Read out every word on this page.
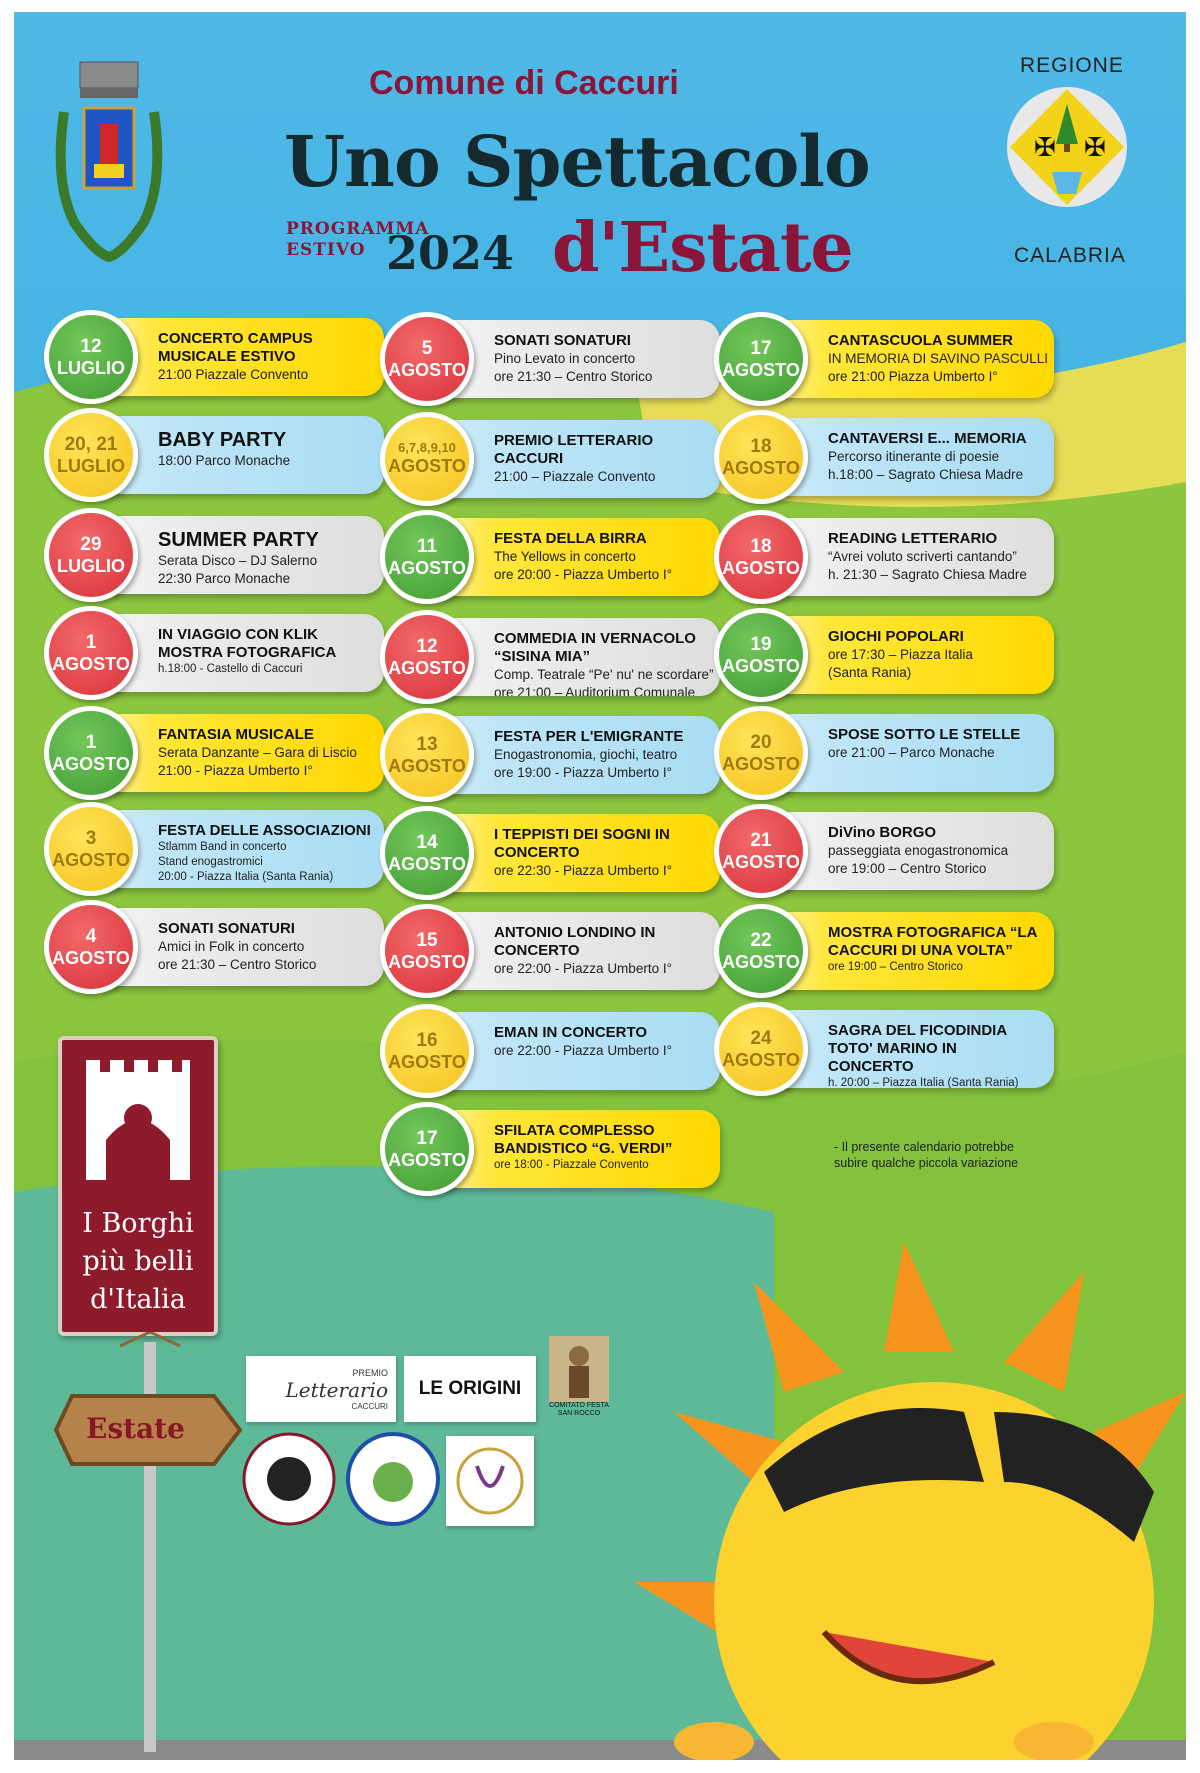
Comune di Caccuri
Uno Spettacolo
PROGRAMMA
ESTIVO 2024 d'Estate
REGIONE
✠ ✠
CALABRIA
12
LUGLIO
CONCERTO CAMPUS MUSICALE ESTIVO
21:00 Piazzale Convento
20, 21
LUGLIO
BABY PARTY
18:00 Parco Monache
29
LUGLIO
SUMMER PARTY
Serata Disco – DJ Salerno
22:30 Parco Monache
1
AGOSTO
IN VIAGGIO CON KLIK MOSTRA FOTOGRAFICA
h.18:00 - Castello di Caccuri
1
AGOSTO
FANTASIA MUSICALE
Serata Danzante – Gara di Liscio
21:00 - Piazza Umberto I°
3
AGOSTO
FESTA DELLE ASSOCIAZIONI
Stlamm Band in concerto
Stand enogastromici
20:00 - Piazza Italia (Santa Rania)
4
AGOSTO
SONATI SONATURI
Amici in Folk in concerto
ore 21:30 – Centro Storico
5
AGOSTO
SONATI SONATURI
Pino Levato in concerto
ore 21:30 – Centro Storico
6,7,8,9,10
AGOSTO
PREMIO LETTERARIO CACCURI
21:00 – Piazzale Convento
11
AGOSTO
FESTA DELLA BIRRA
The Yellows in concerto
ore 20:00 - Piazza Umberto I°
12
AGOSTO
COMMEDIA IN VERNACOLO “SISINA MIA”
Comp. Teatrale “Pe' nu' ne scordare”
ore 21:00 – Auditorium Comunale
13
AGOSTO
FESTA PER L'EMIGRANTE
Enogastronomia, giochi, teatro
ore 19:00 - Piazza Umberto I°
14
AGOSTO
I TEPPISTI DEI SOGNI IN CONCERTO
ore 22:30 - Piazza Umberto I°
15
AGOSTO
ANTONIO LONDINO IN CONCERTO
ore 22:00 - Piazza Umberto I°
16
AGOSTO
EMAN IN CONCERTO
ore 22:00 - Piazza Umberto I°
17
AGOSTO
SFILATA COMPLESSO BANDISTICO “G. VERDI”
ore 18:00 - Piazzale Convento
17
AGOSTO
CANTASCUOLA SUMMER
IN MEMORIA DI SAVINO PASCULLI
ore 21:00 Piazza Umberto I°
18
AGOSTO
CANTAVERSI E... MEMORIA
Percorso itinerante di poesie
h.18:00 – Sagrato Chiesa Madre
18
AGOSTO
READING LETTERARIO
“Avrei voluto scriverti cantando”
h. 21:30 – Sagrato Chiesa Madre
19
AGOSTO
GIOCHI POPOLARI
ore 17:30 – Piazza Italia
(Santa Rania)
20
AGOSTO
SPOSE SOTTO LE STELLE
ore 21:00 – Parco Monache
21
AGOSTO
DiVino BORGO
passeggiata enogastronomica
ore 19:00 – Centro Storico
22
AGOSTO
MOSTRA FOTOGRAFICA “LA CACCURI DI UNA VOLTA”
ore 19:00 – Centro Storico
24
AGOSTO
SAGRA DEL FICODINDIA TOTO' MARINO IN CONCERTO
h. 20:00 – Piazza Italia (Santa Rania)
- Il presente calendario potrebbe
subire qualche piccola variazione
I Borghi
più belli
d'Italia
Estate
PREMIO
Letterario
CACCURI
LE ORIGINI
COMITATO FESTA SAN ROCCO
